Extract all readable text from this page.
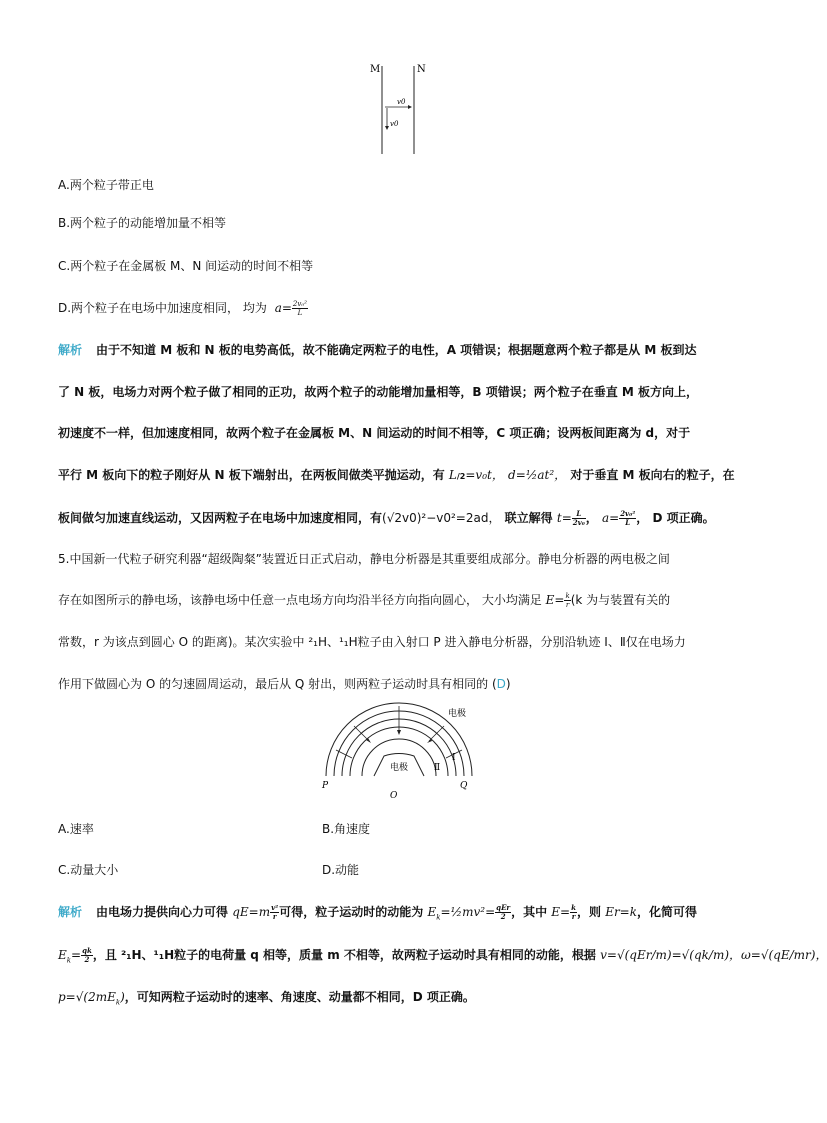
M	N
v0
v0
A.两个粒子带正电
B.两个粒子的动能增加量不相等
C.两个粒子在金属板 M、N 间运动的时间不相等
D.两个粒子在电场中加速度相同， 均为 $a= \frac{\text{2v₀²}}{L}$
解析 由于不知道 M 板和 N 板的电势高低，故不能确定两粒子的电性，A 项错误；根据题意两个粒子都是从 M 板到达
了 N 板，电场力对两个粒子做了相同的正功，故两个粒子的动能增加量相等，B 项错误；两个粒子在垂直 M 板方向上，
初速度不一样，但加速度相同，故两个粒子在金属板 M、N 间运动的时间不相等，C 项正确；设两板间距离为 d，对于
平行 M 板向下的粒子刚好从 N 板下端射出，在两板间做类平抛运动，有 L/2=v₀t， d=½at²， 对于垂直 M 板向右的粒子，在
板间做匀加速直线运动，又因两粒子在电场中加速度相同，有(√2v0)²−v0²=2ad， 联立解得 $t= \frac{L}{\text{2v₀}}$ ， $a= \frac{\text{2v₀²}}{L}$ ， D 项正确。
5.中国新一代粒子研究利器“超级陶粲”装置近日正式启动，静电分析器是其重要组成部分。静电分析器的两电极之间
存在如图所示的静电场，该静电场中任意一点电场方向均沿半径方向指向圆心， 大小均满足 $E= \frac{k}{r} (k$ 为与装置有关的
常数，r 为该点到圆心 O 的距离)。某次实验中 ²₁H、¹₁H粒子由入射口 P 进入静电分析器，分别沿轨迹 Ⅰ、Ⅱ仅在电场力
作用下做圆心为 O 的匀速圆周运动，最后从 Q 射出，则两粒子运动时具有相同的 (D)
电极
电极
Ⅰ
Ⅱ
P	Q
O
A.速率	B.角速度
C.动量大小	D.动能
解析 由电场力提供向心力可得 $qE=m \frac{\text{v²}}{r}$ 可得，粒子运动时的动能为 $E_k=\frac{1}{2}mv^2= \frac{\text{qEr}}{2}$ ，其中 $E= \frac{k}{r}$ ，则 Er=k，化简可得
$E_k= \frac{qk}{2}$ ，且 ²₁H、¹₁H粒子的电荷量 q 相等，质量 m 不相等，故两粒子运动时具有相同的动能，根据 v=√(qEr/m)=√(qk/m)，ω=√(qE/mr)，
$p=√(2mE_k)$，可知两粒子运动时的速率、角速度、动量都不相同，D 项正确。
